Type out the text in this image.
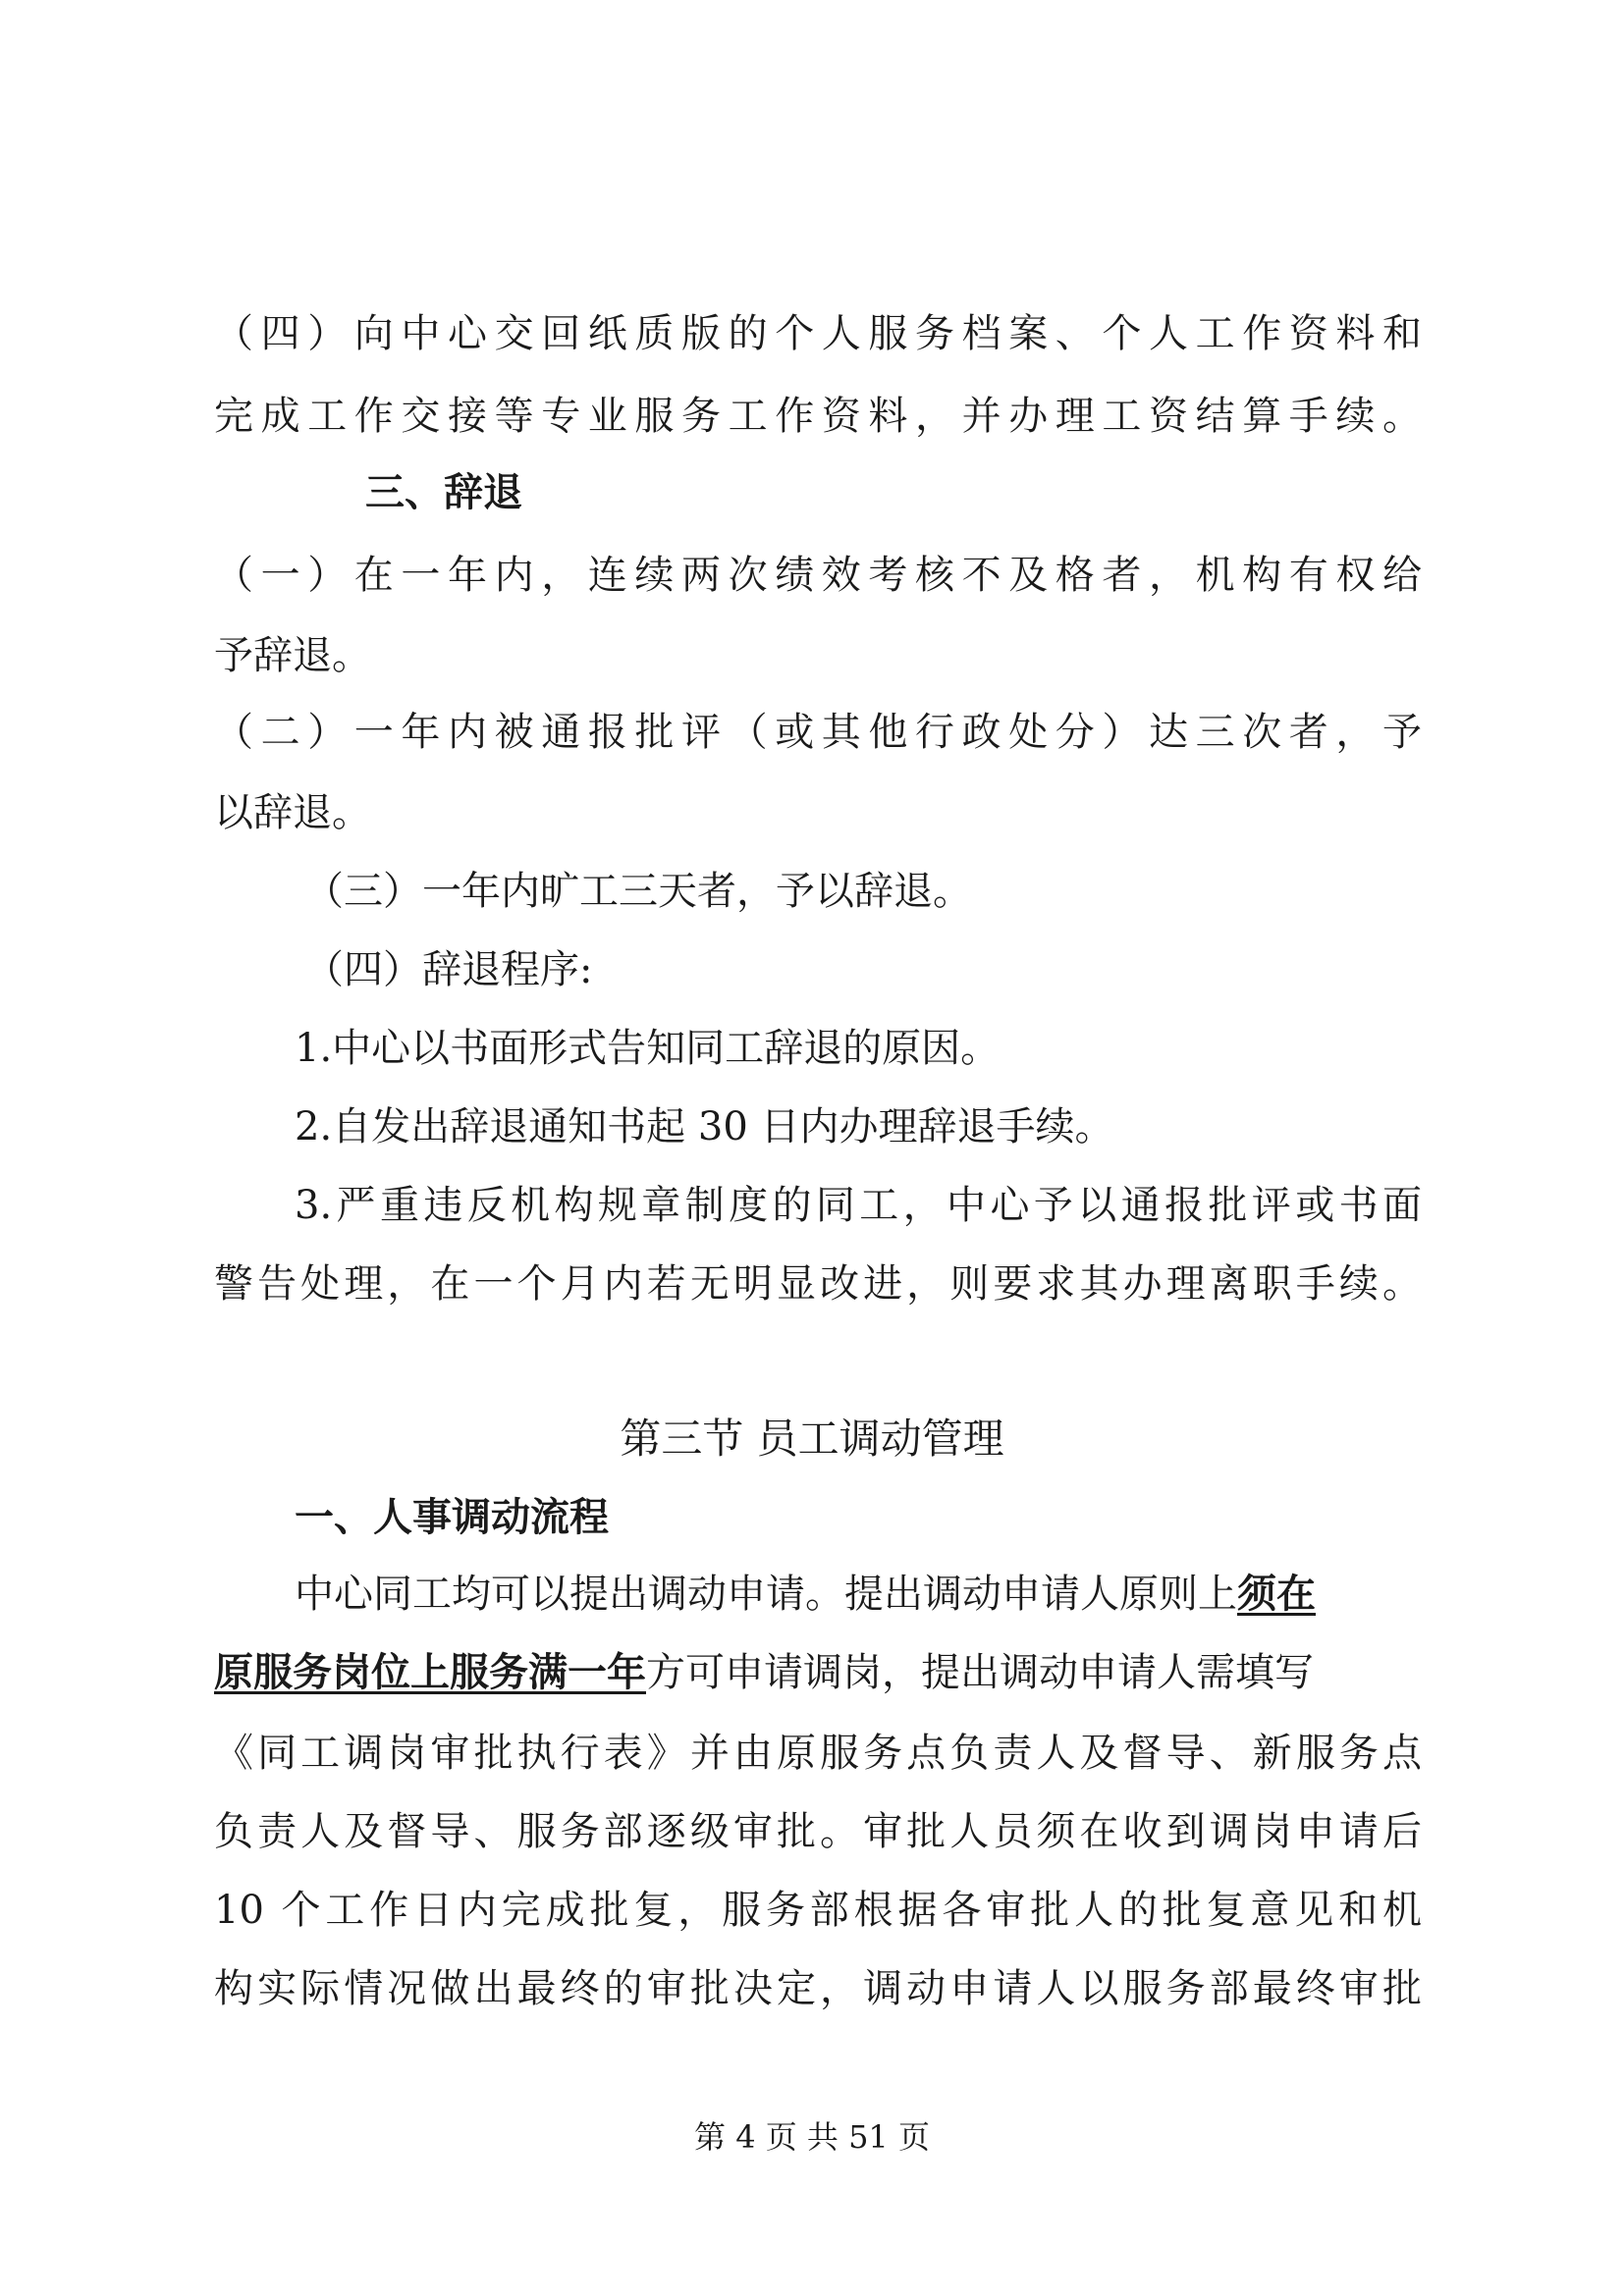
（四）向中心交回纸质版的个人服务档案、个人工作资料和
完成工作交接等专业服务工作资料，并办理工资结算手续。
三、辞退
（一）在一年内，连续两次绩效考核不及格者，机构有权给
予辞退。
（二）一年内被通报批评（或其他行政处分）达三次者，予
以辞退。
（三）一年内旷工三天者，予以辞退。
（四）辞退程序:
1.中心以书面形式告知同工辞退的原因。
2.自发出辞退通知书起 30 日内办理辞退手续。
3.严重违反机构规章制度的同工，中心予以通报批评或书面
警告处理，在一个月内若无明显改进，则要求其办理离职手续。
第三节 员工调动管理
一、人事调动流程
中心同工均可以提出调动申请。提出调动申请人原则上须在
原服务岗位上服务满一年方可申请调岗，提出调动申请人需填写
《同工调岗审批执行表》并由原服务点负责人及督导、新服务点
负责人及督导、服务部逐级审批。审批人员须在收到调岗申请后
10 个工作日内完成批复，服务部根据各审批人的批复意见和机
构实际情况做出最终的审批决定，调动申请人以服务部最终审批
第 4 页 共 51 页
